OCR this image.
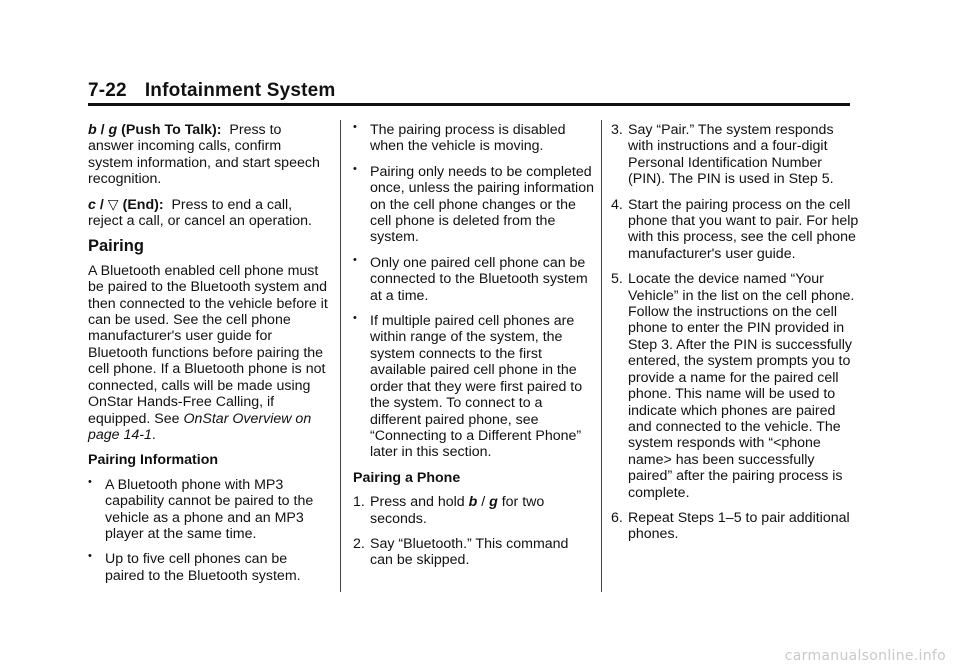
7-22 Infotainment System

b / g (Push To Talk): Press to answer incoming calls, confirm system information, and start speech recognition.

c / ▽ (End): Press to end a call, reject a call, or cancel an operation.

Pairing

A Bluetooth enabled cell phone must be paired to the Bluetooth system and then connected to the vehicle before it can be used. See the cell phone manufacturer's user guide for Bluetooth functions before pairing the cell phone. If a Bluetooth phone is not connected, calls will be made using OnStar Hands-Free Calling, if equipped. See OnStar Overview on page 14-1.

Pairing Information
• A Bluetooth phone with MP3 capability cannot be paired to the vehicle as a phone and an MP3 player at the same time.
• Up to five cell phones can be paired to the Bluetooth system.
• The pairing process is disabled when the vehicle is moving.
• Pairing only needs to be completed once, unless the pairing information on the cell phone changes or the cell phone is deleted from the system.
• Only one paired cell phone can be connected to the Bluetooth system at a time.
• If multiple paired cell phones are within range of the system, the system connects to the first available paired cell phone in the order that they were first paired to the system. To connect to a different paired phone, see “Connecting to a Different Phone” later in this section.
Pairing a Phone
1. Press and hold b / g for two seconds.
2. Say “Bluetooth.” This command can be skipped.
3. Say “Pair.” The system responds with instructions and a four-digit Personal Identification Number (PIN). The PIN is used in Step 5.
4. Start the pairing process on the cell phone that you want to pair. For help with this process, see the cell phone manufacturer's user guide.
5. Locate the device named “Your Vehicle” in the list on the cell phone. Follow the instructions on the cell phone to enter the PIN provided in Step 3. After the PIN is successfully entered, the system prompts you to provide a name for the paired cell phone. This name will be used to indicate which phones are paired and connected to the vehicle. The system responds with “<phone name> has been successfully paired” after the pairing process is complete.
6. Repeat Steps 1–5 to pair additional phones.
carmanualsonline.info
